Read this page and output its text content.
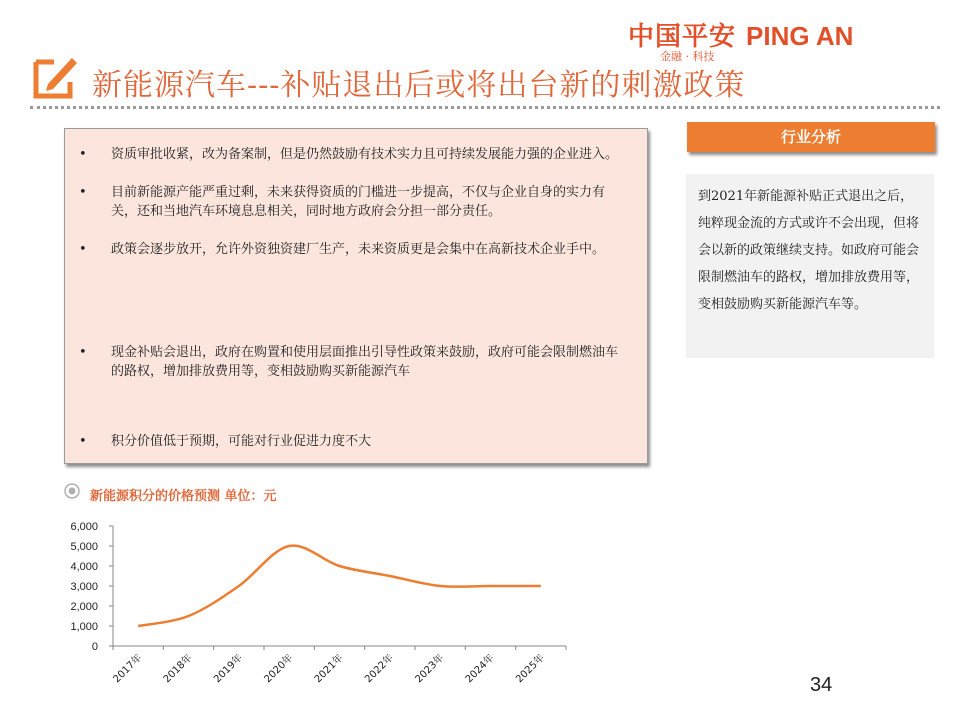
中国平安 PING AN
金融 · 科技
新能源汽车---补贴退出后或将出台新的刺激政策
•	资质审批收紧，改为备案制，但是仍然鼓励有技术实力且可持续发展能力强的企业进入。
•	目前新能源产能严重过剩，未来获得资质的门槛进一步提高，不仅与企业自身的实力有关，还和当地汽车环境息息相关，同时地方政府会分担一部分责任。
•	政策会逐步放开，允许外资独资建厂生产，未来资质更是会集中在高新技术企业手中。
•	现金补贴会退出，政府在购置和使用层面推出引导性政策来鼓励，政府可能会限制燃油车的路权，增加排放费用等，变相鼓励购买新能源汽车
•	积分价值低于预期，可能对行业促进力度不大
行业分析
到2021年新能源补贴正式退出之后，纯粹现金流的方式或许不会出现，但将会以新的政策继续支持。如政府可能会限制燃油车的路权，增加排放费用等，变相鼓励购买新能源汽车等。
新能源积分的价格预测 单位：元
0
1,000
2,000
3,000
4,000
5,000
6,000
2017年 2018年 2019年 2020年 2021年 2022年 2023年 2024年 2025年	34
